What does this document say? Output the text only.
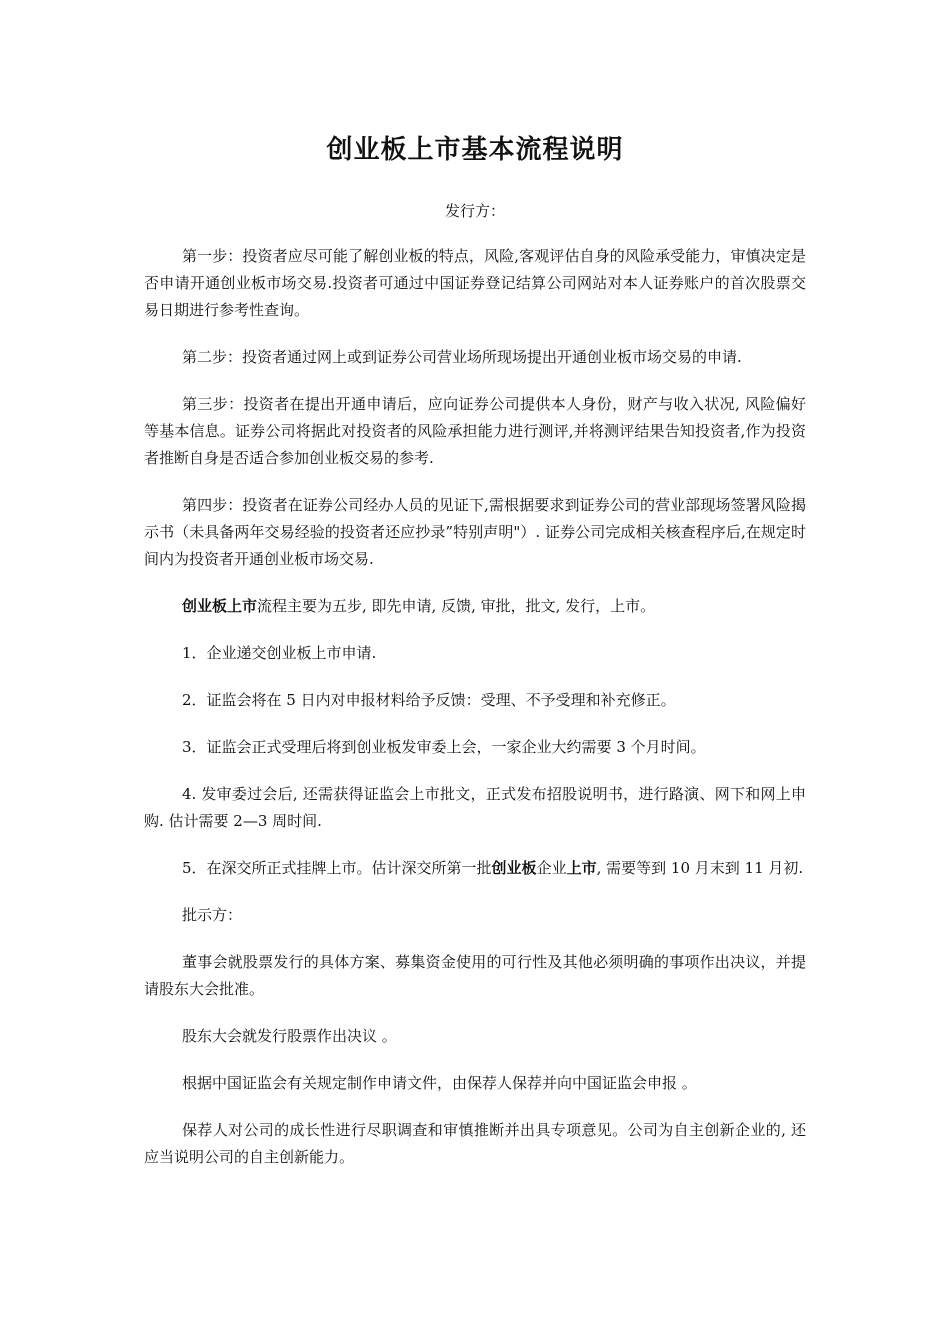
创业板上市基本流程说明

发行方：

第一步：投资者应尽可能了解创业板的特点，风险,客观评估自身的风险承受能力，审慎决定是否申请开通创业板市场交易.投资者可通过中国证券登记结算公司网站对本人证券账户的首次股票交易日期进行参考性查询。

第二步：投资者通过网上或到证券公司营业场所现场提出开通创业板市场交易的申请.

第三步：投资者在提出开通申请后，应向证券公司提供本人身份，财产与收入状况, 风险偏好等基本信息。证券公司将据此对投资者的风险承担能力进行测评,并将测评结果告知投资者,作为投资者推断自身是否适合参加创业板交易的参考.

第四步：投资者在证券公司经办人员的见证下,需根据要求到证券公司的营业部现场签署风险揭示书（未具备两年交易经验的投资者还应抄录”特别声明"）. 证券公司完成相关核查程序后,在规定时间内为投资者开通创业板市场交易.

创业板上市流程主要为五步, 即先申请, 反馈, 审批，批文, 发行，上市。

1．企业递交创业板上市申请.

2．证监会将在 5 日内对申报材料给予反馈：受理、不予受理和补充修正。

3．证监会正式受理后将到创业板发审委上会，一家企业大约需要 3 个月时间。

4. 发审委过会后, 还需获得证监会上市批文，正式发布招股说明书，进行路演、网下和网上申购. 估计需要 2—3 周时间.

5．在深交所正式挂牌上市。估计深交所第一批创业板企业上市, 需要等到 10 月末到 11 月初.

批示方：

董事会就股票发行的具体方案、募集资金使用的可行性及其他必须明确的事项作出决议，并提请股东大会批准。

股东大会就发行股票作出决议 。

根据中国证监会有关规定制作申请文件，由保荐人保荐并向中国证监会申报 。

保荐人对公司的成长性进行尽职调查和审慎推断并出具专项意见。公司为自主创新企业的, 还应当说明公司的自主创新能力。
